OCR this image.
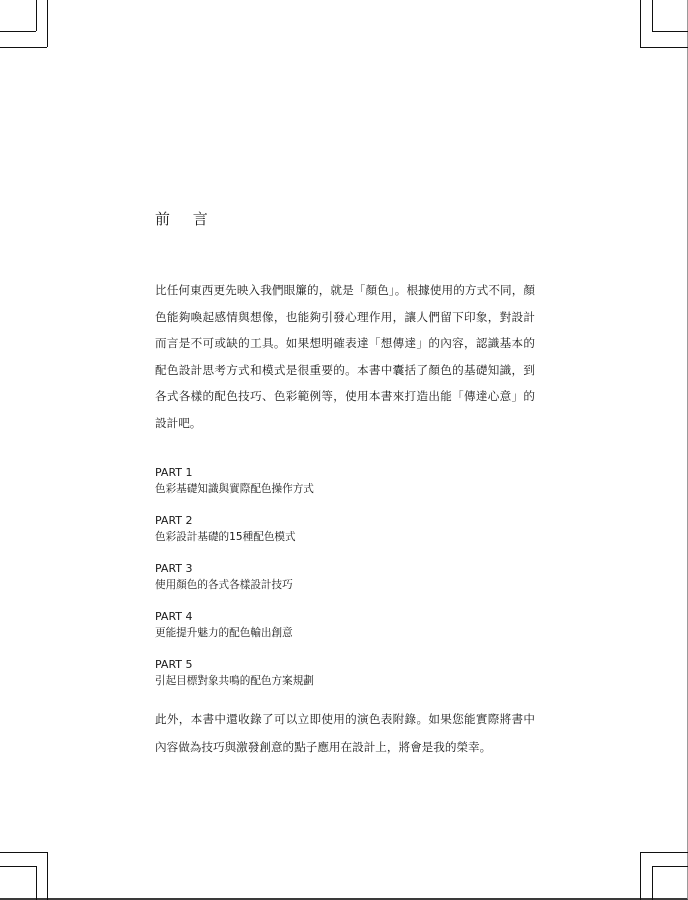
前 言

比任何東西更先映入我們眼簾的，就是「顏色」。根據使用的方式不同，顏色能夠喚起感情與想像，也能夠引發心理作用，讓人們留下印象，對設計而言是不可或缺的工具。如果想明確表達「想傳達」的內容，認識基本的配色設計思考方式和模式是很重要的。本書中囊括了顏色的基礎知識，到各式各樣的配色技巧、色彩範例等，使用本書來打造出能「傳達心意」的設計吧。

PART 1
色彩基礎知識與實際配色操作方式
PART 2
色彩設計基礎的15種配色模式
PART 3
使用顏色的各式各樣設計技巧
PART 4
更能提升魅力的配色輸出創意
PART 5
引起目標對象共鳴的配色方案規劃

此外，本書中還收錄了可以立即使用的演色表附錄。如果您能實際將書中內容做為技巧與激發創意的點子應用在設計上，將會是我的榮幸。
